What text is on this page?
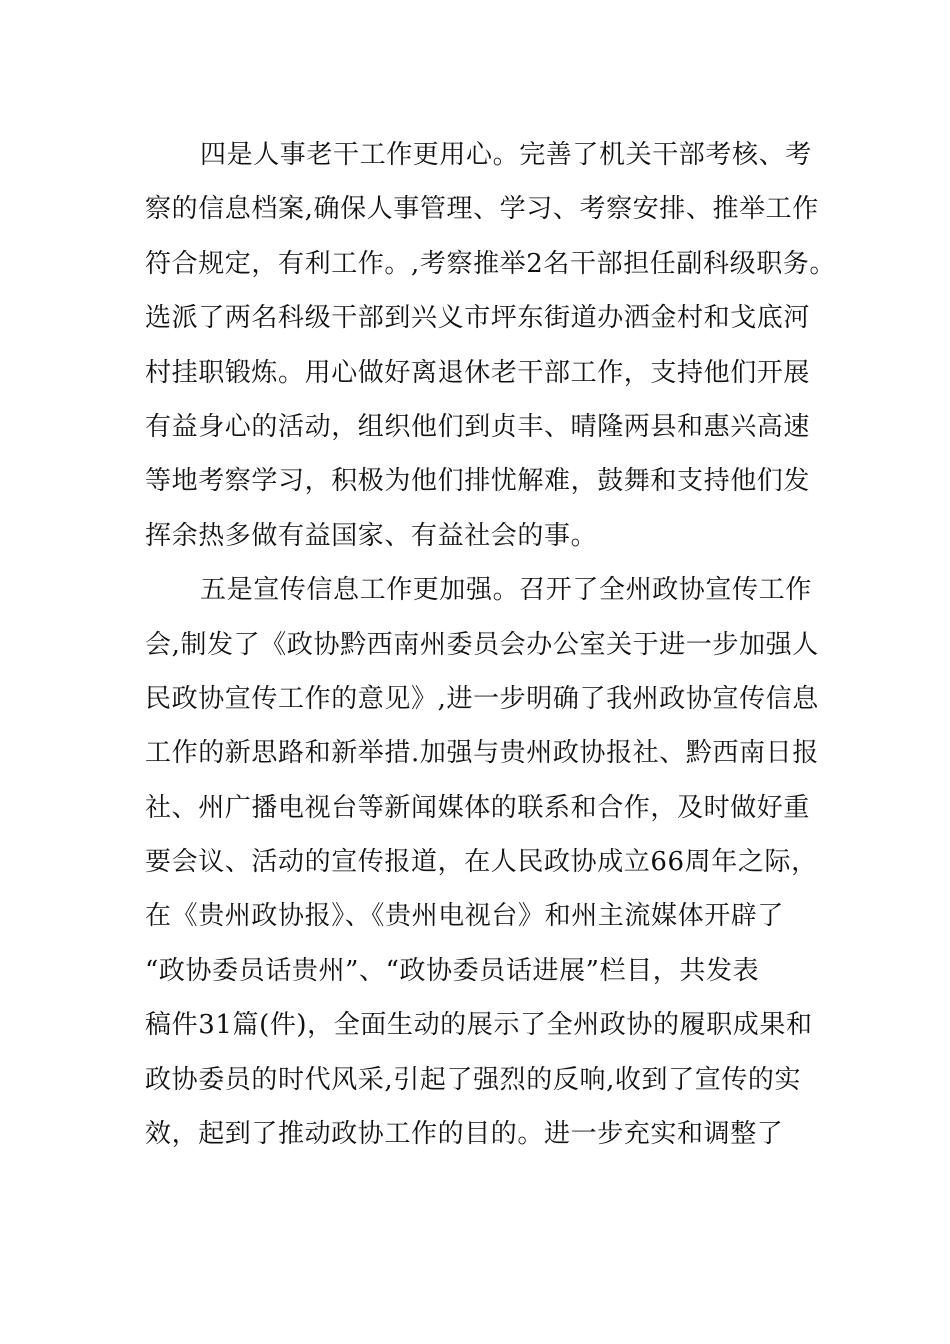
四是人事老干工作更用心。完善了机关干部考核、考
察的信息档案,确保人事管理、学习、考察安排、推举工作
符合规定，有利工作。,考察推举2名干部担任副科级职务。
选派了两名科级干部到兴义市坪东街道办洒金村和戈底河
村挂职锻炼。用心做好离退休老干部工作，支持他们开展
有益身心的活动，组织他们到贞丰、晴隆两县和惠兴高速
等地考察学习，积极为他们排忧解难，鼓舞和支持他们发
挥余热多做有益国家、有益社会的事。
五是宣传信息工作更加强。召开了全州政协宣传工作
会,制发了《政协黔西南州委员会办公室关于进一步加强人
民政协宣传工作的意见》,进一步明确了我州政协宣传信息
工作的新思路和新举措.加强与贵州政协报社、黔西南日报
社、州广播电视台等新闻媒体的联系和合作，及时做好重
要会议、活动的宣传报道，在人民政协成立66周年之际，
在《贵州政协报》、《贵州电视台》和州主流媒体开辟了
“政协委员话贵州”、“政协委员话进展”栏目，共发表
稿件31篇(件)，全面生动的展示了全州政协的履职成果和
政协委员的时代风采,引起了强烈的反响,收到了宣传的实
效，起到了推动政协工作的目的。进一步充实和调整了
